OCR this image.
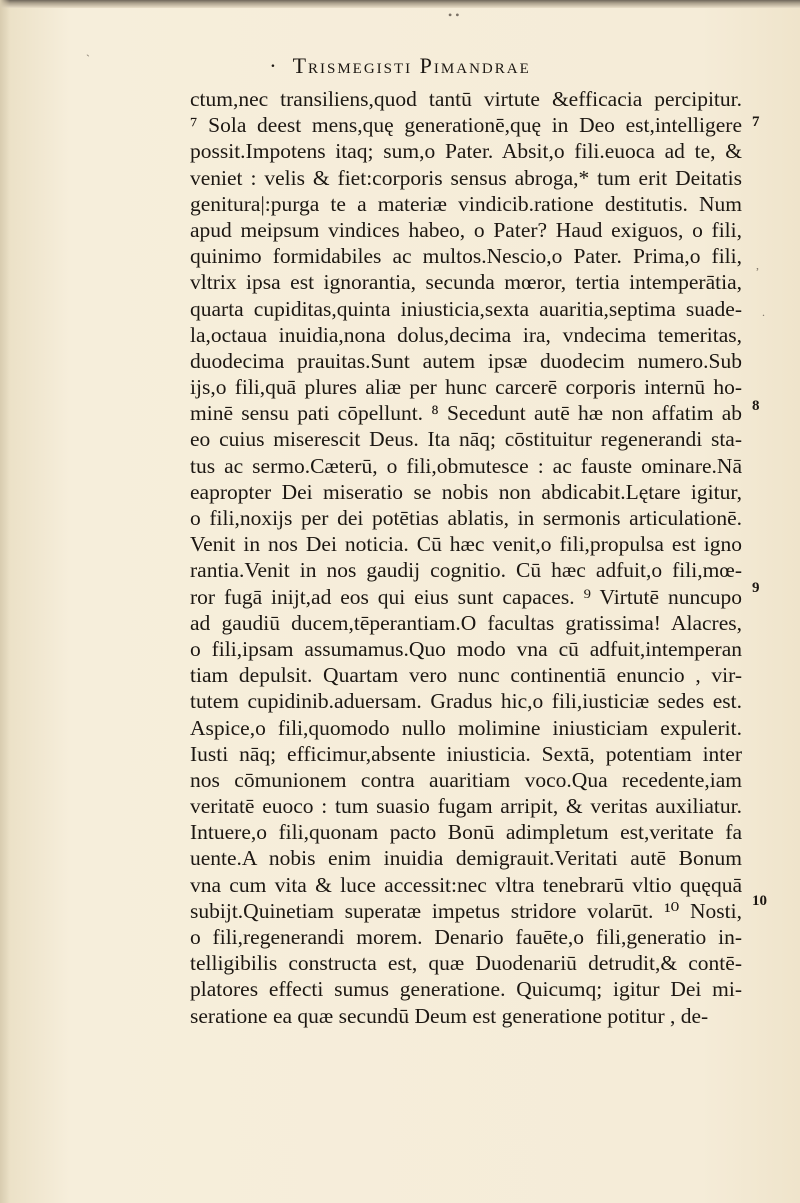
• •
`
,
.
· Trismegisti Pimandrae
ctum,nec transiliens,quod tantū virtute &efficacia percipitur.
⁷ Sola deest mens,quę generationē,quę in Deo est,intelligere
possit.Impotens itaq; sum,o Pater. Absit,o fili.euoca ad te, &
veniet : velis & fiet:corporis sensus abroga,* tum erit Deitatis
genitura|:purga te a materiæ vindicib.ratione destitutis. Num
apud meipsum vindices habeo, o Pater? Haud exiguos, o fili,
quinimo formidabiles ac multos.Nescio,o Pater. Prima,o fili,
vltrix ipsa est ignorantia, secunda mœror, tertia intemperātia,
quarta cupiditas,quinta iniusticia,sexta auaritia,septima suade-
la,octaua inuidia,nona dolus,decima ira, vndecima temeritas,
duodecima prauitas.Sunt autem ipsæ duodecim numero.Sub
ijs,o fili,quā plures aliæ per hunc carcerē corporis internū ho-
minē sensu pati cōpellunt. ⁸ Secedunt autē hæ non affatim ab
eo cuius miserescit Deus. Ita nāq; cōstituitur regenerandi sta-
tus ac sermo.Cæterū, o fili,obmutesce : ac fauste ominare.Nā
eapropter Dei miseratio se nobis non abdicabit.Lętare igitur,
o fili,noxijs per dei potētias ablatis, in sermonis articulationē.
Venit in nos Dei noticia. Cū hæc venit,o fili,propulsa est igno
rantia.Venit in nos gaudij cognitio. Cū hæc adfuit,o fili,mœ-
ror fugā inijt,ad eos qui eius sunt capaces. ⁹ Virtutē nuncupo
ad gaudiū ducem,tēperantiam.O facultas gratissima! Alacres,
o fili,ipsam assumamus.Quo modo vna cū adfuit,intemperan
tiam depulsit. Quartam vero nunc continentiā enuncio , vir-
tutem cupidinib.aduersam. Gradus hic,o fili,iusticiæ sedes est.
Aspice,o fili,quomodo nullo molimine iniusticiam expulerit.
Iusti nāq; efficimur,absente iniusticia. Sextā, potentiam inter
nos cōmunionem contra auaritiam voco.Qua recedente,iam
veritatē euoco : tum suasio fugam arripit, & veritas auxiliatur.
Intuere,o fili,quonam pacto Bonū adimpletum est,veritate fa
uente.A nobis enim inuidia demigrauit.Veritati autē Bonum
vna cum vita & luce accessit:nec vltra tenebrarū vltio quęquā
subijt.Quinetiam superatæ impetus stridore volarūt. ¹⁰ Nosti,
o fili,regenerandi morem. Denario fauēte,o fili,generatio in-
telligibilis constructa est, quæ Duodenariū detrudit,& contē-
platores effecti sumus generatione. Quicumq; igitur Dei mi-
seratione ea quæ secundū Deum est generatione potitur , de-
7
8
9
10
